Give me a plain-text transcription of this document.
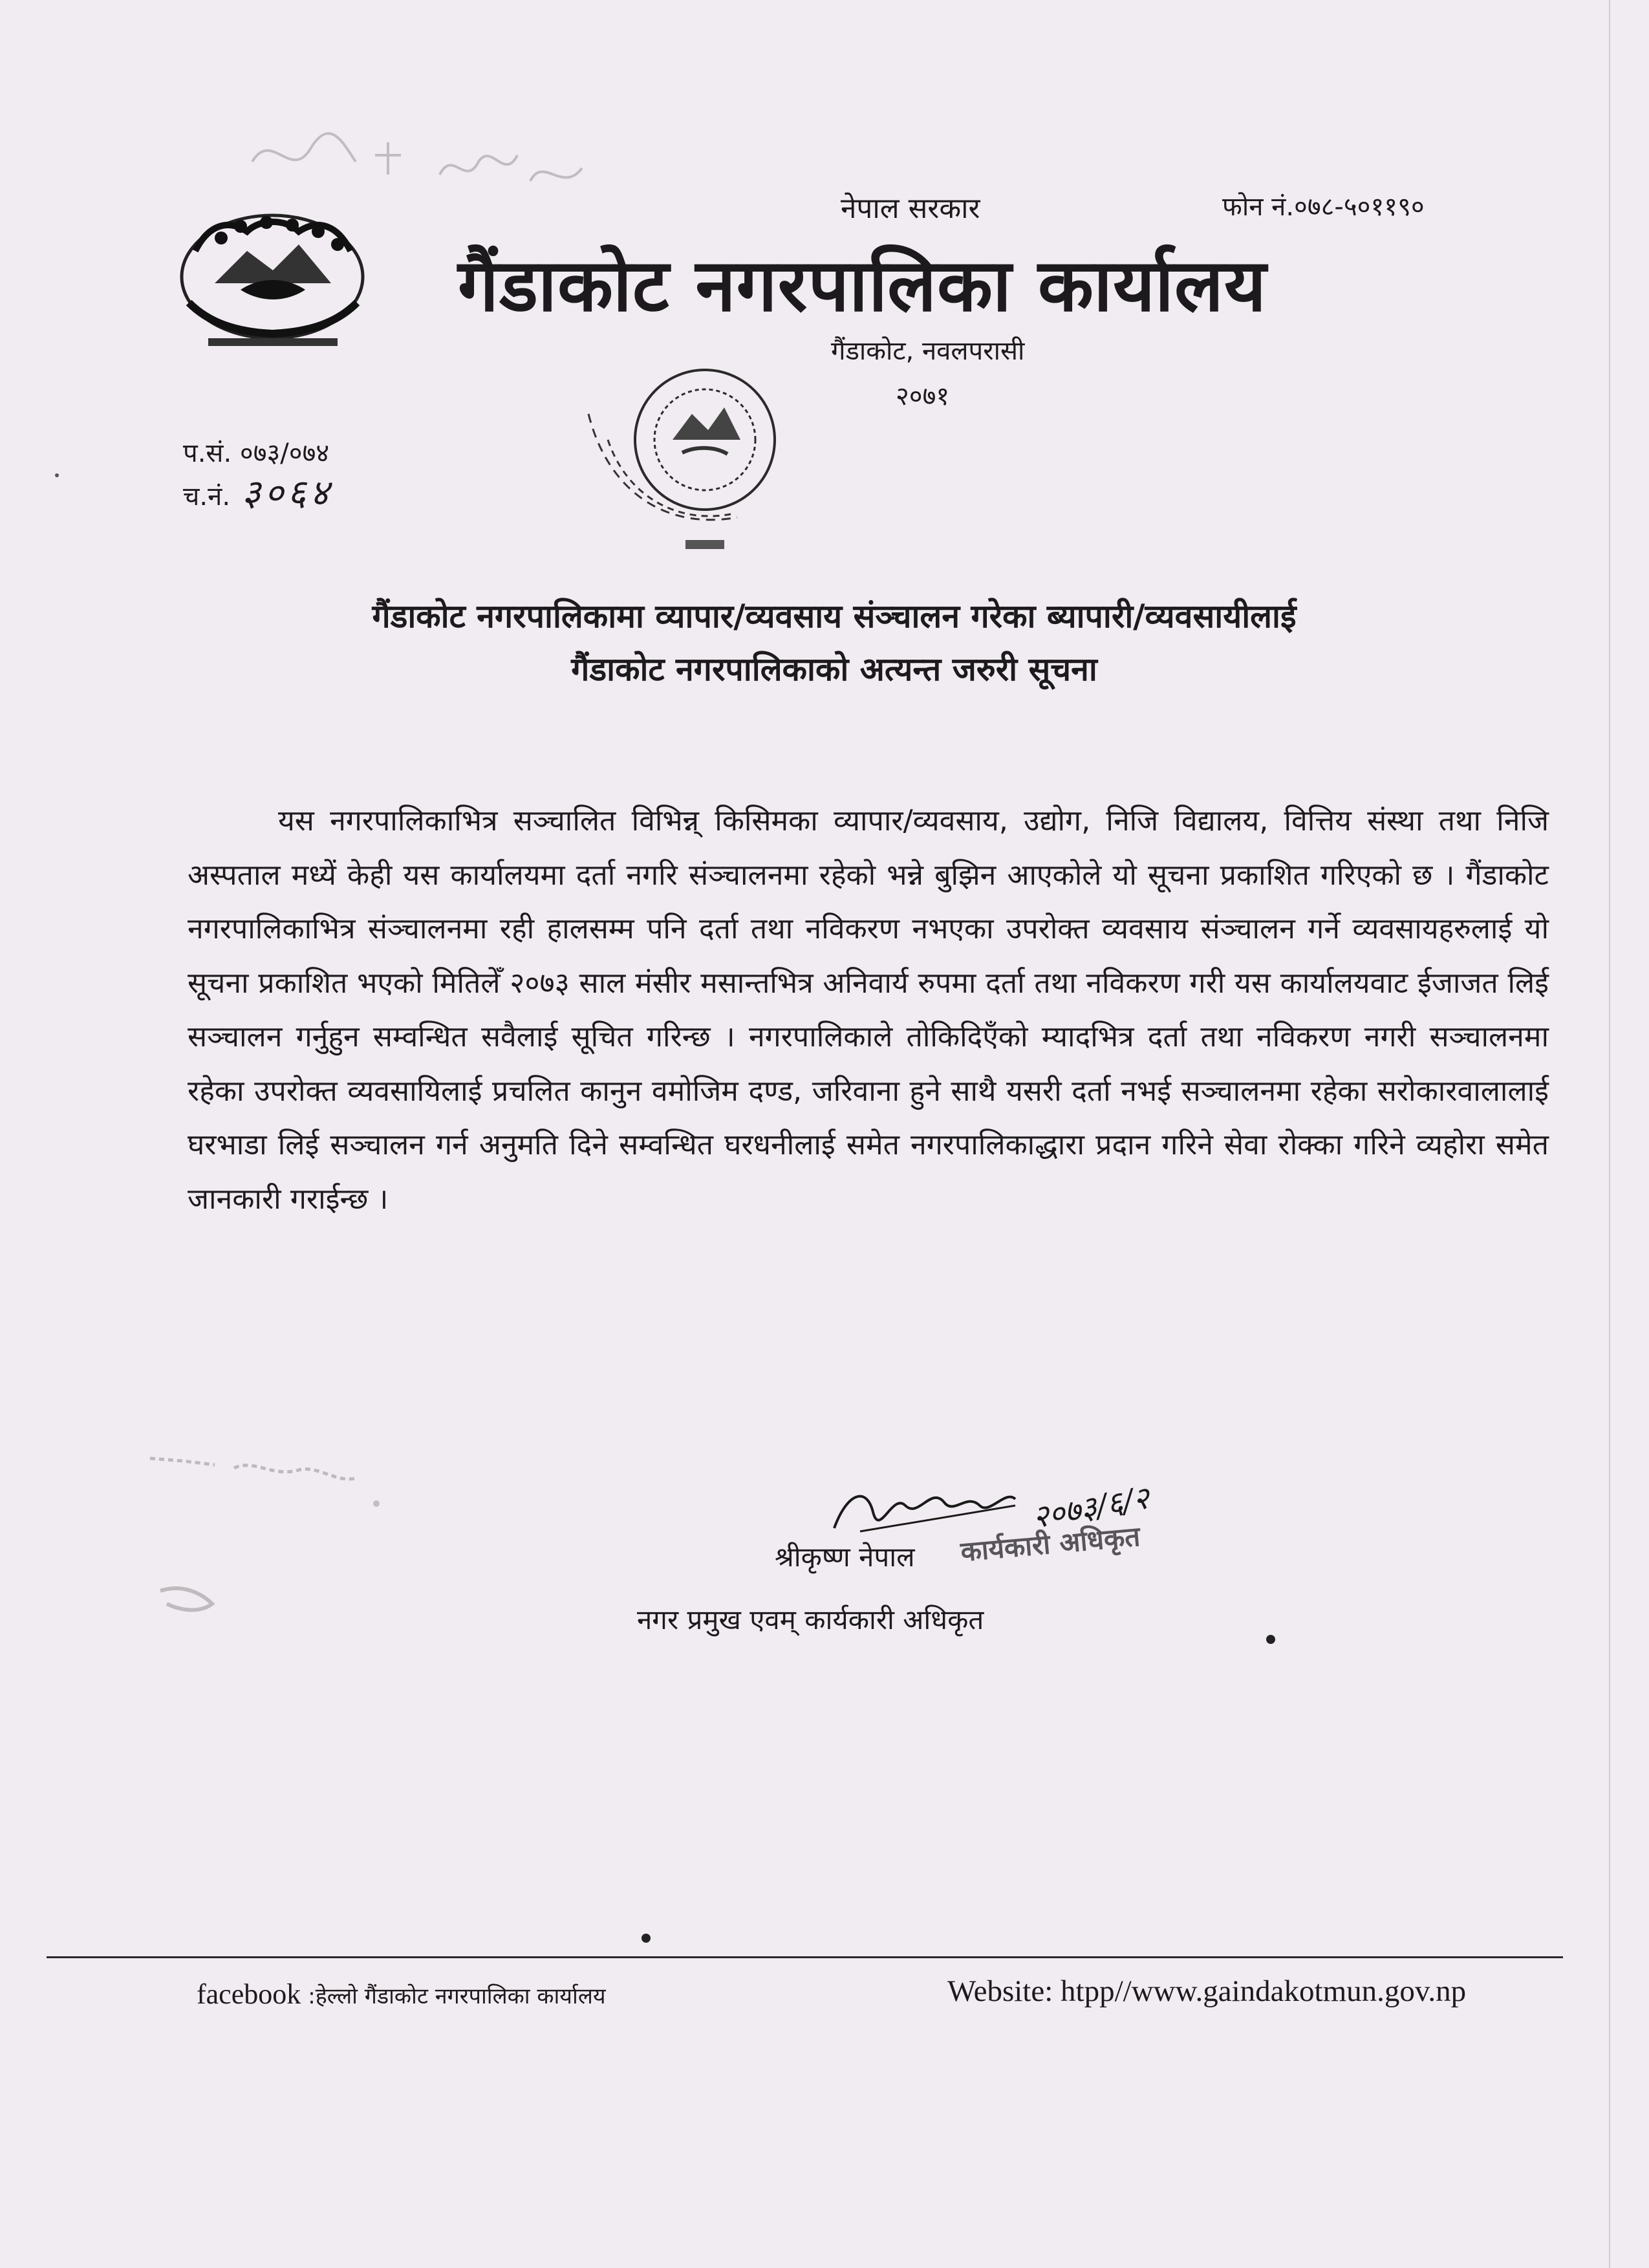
नेपाल सरकार	फोन नं.०७८-५०११९०
गैंडाकोट नगरपालिका कार्यालय
गैंडाकोट, नवलपरासी
२०७१
प.सं. ०७३/०७४
च.नं. ३०६४
गैंडाकोट नगरपालिकामा व्यापार/व्यवसाय संञ्चालन गरेका ब्यापारी/व्यवसायीलाई
गैंडाकोट नगरपालिकाको अत्यन्त जरुरी सूचना
यस नगरपालिकाभित्र सञ्चालित विभिन्न् किसिमका व्यापार/व्यवसाय, उद्योग, निजि विद्यालय, वित्तिय संस्था तथा निजि अस्पताल मध्यें केही यस कार्यालयमा दर्ता नगरि संञ्चालनमा रहेको भन्ने बुझिन आएकोले यो सूचना प्रकाशित गरिएको छ । गैंडाकोट नगरपालिकाभित्र संञ्चालनमा रही हालसम्म पनि दर्ता तथा नविकरण नभएका उपरोक्त व्यवसाय संञ्चालन गर्ने व्यवसायहरुलाई यो सूचना प्रकाशित भएको मितिलेँ २०७३ साल मंसीर मसान्तभित्र अनिवार्य रुपमा दर्ता तथा नविकरण गरी यस कार्यालयवाट ईजाजत लिई सञ्चालन गर्नुहुन सम्वन्धित सवैलाई सूचित गरिन्छ । नगरपालिकाले तोकिदिएँको म्यादभित्र दर्ता तथा नविकरण नगरी सञ्चालनमा रहेका उपरोक्त व्यवसायिलाई प्रचलित कानुन वमोजिम दण्ड, जरिवाना हुने साथै यसरी दर्ता नभई सञ्चालनमा रहेका सरोकारवालालाई घरभाडा लिई सञ्चालन गर्न अनुमति दिने सम्वन्धित घरधनीलाई समेत नगरपालिकाद्धारा प्रदान गरिने सेवा रोक्का गरिने व्यहोरा समेत जानकारी गराईन्छ ।
२०७३/६/२
श्रीकृष्ण नेपाल कार्यकारी अधिकृत
नगर प्रमुख एवम् कार्यकारी अधिकृत
facebook :हेल्लो गैंडाकोट नगरपालिका कार्यालय	Website: htpp//www.gaindakotmun.gov.np
